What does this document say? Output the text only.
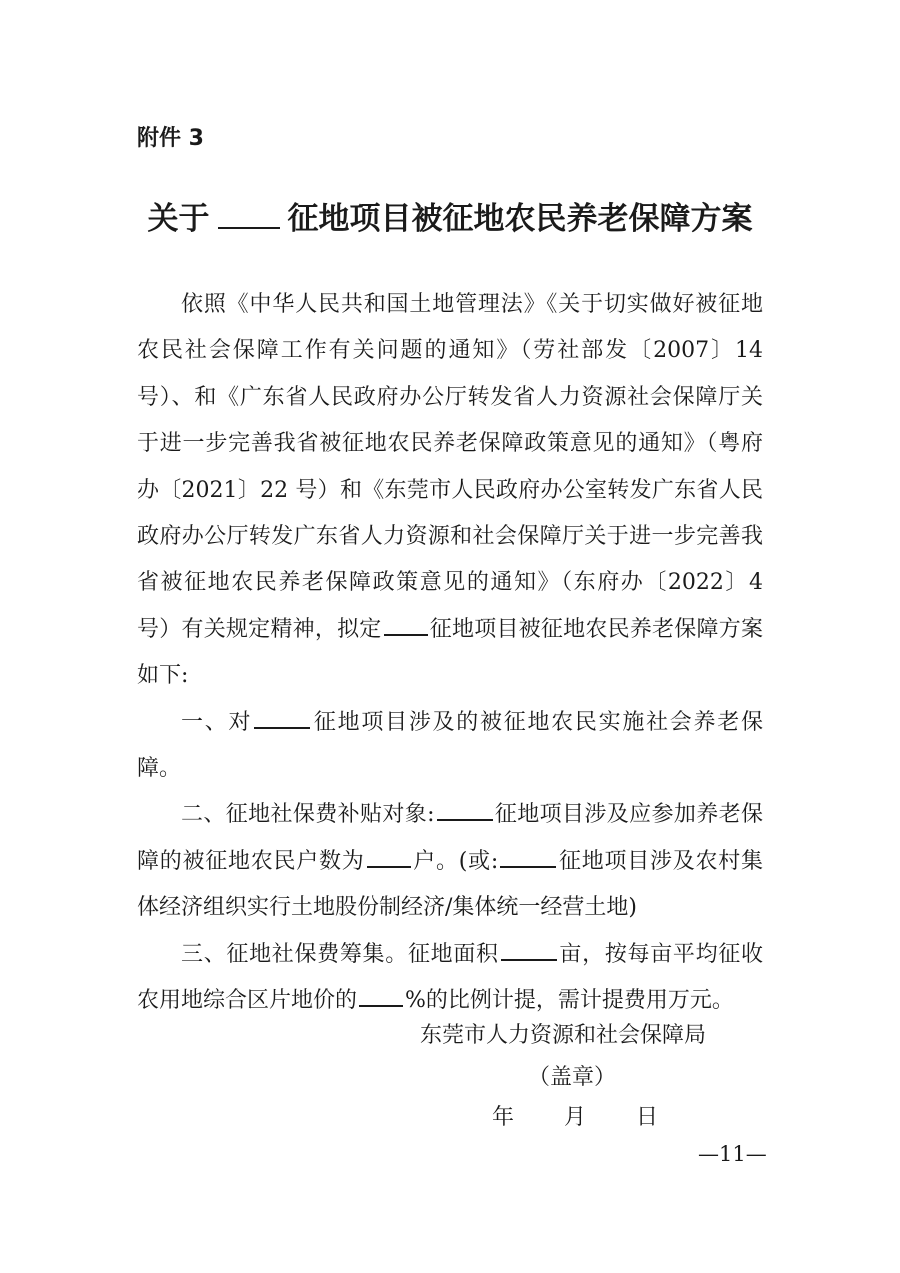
附件 3
关于	征地项目被征地农民养老保障方案

依照《中华人民共和国土地管理法》《关于切实做好被征地农民社会保障工作有关问题的通知》（劳社部发〔2007〕14 号）、和《广东省人民政府办公厅转发省人力资源社会保障厅关于进一步完善我省被征地农民养老保障政策意见的通知》（粤府办〔2021〕22 号）和《东莞市人民政府办公室转发广东省人民政府办公厅转发广东省人力资源和社会保障厅关于进一步完善我省被征地农民养老保障政策意见的通知》（东府办〔2022〕4 号）有关规定精神，拟定 征地项目被征地农民养老保障方案如下:

一、对	征地项目涉及的被征地农民实施社会养老保障。

二、征地社保费补贴对象:	征地项目涉及应参加养老保障的被征地农民户数为 户。(或:	征地项目涉及农村集体经济组织实行土地股份制经济/集体统一经营土地)

三、征地社保费筹集。征地面积	亩，按每亩平均征收农用地综合区片地价的 %的比例计提，需计提费用万元。

东莞市人力资源和社会保障局
（盖章）
年 月 日
—11—
